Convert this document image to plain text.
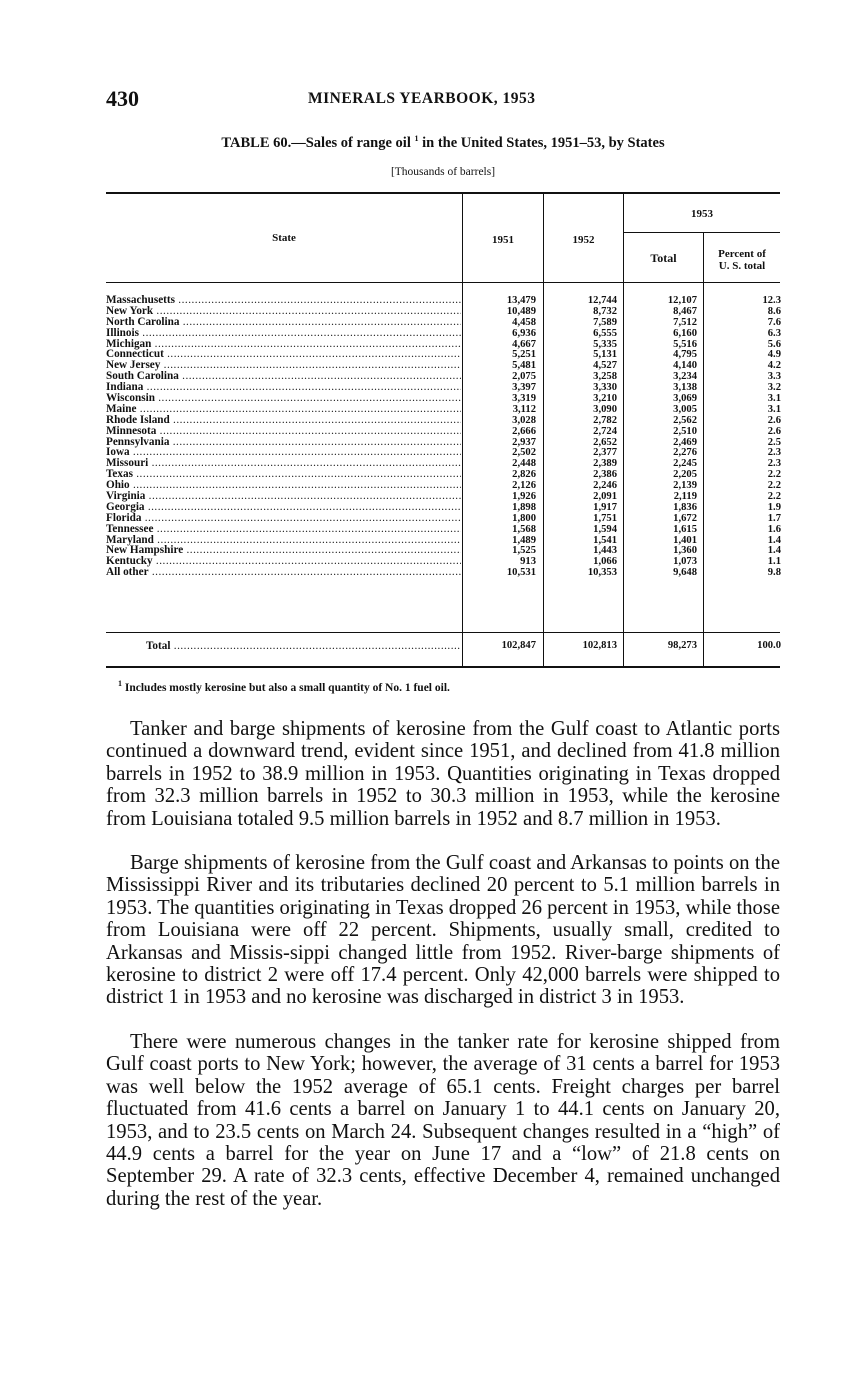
430	MINERALS YEARBOOK, 1953
TABLE 60.—Sales of range oil $^1$ in the United States, 1951–53, by States
[Thousands of barrels]
State	1951	1952
1953
Total	Percent of
U. S. total
Massachusetts .....	13,479	12,744	12,107	12.3
New York .....	10,489	8,732	8,467	8.6
North Carolina .....	4,458	7,589	7,512	7.6
Illinois .....	6,936	6,555	6,160	6.3
Michigan .....	4,667	5,335	5,516	5.6
Connecticut .....	5,251	5,131	4,795	4.9
New Jersey .....	5,481	4,527	4,140	4.2
South Carolina .....	2,075	3,258	3,234	3.3
Indiana .....	3,397	3,330	3,138	3.2
Wisconsin .....	3,319	3,210	3,069	3.1
Maine .....	3,112	3,090	3,005	3.1
Rhode Island .....	3,028	2,782	2,562	2.6
Minnesota .....	2,666	2,724	2,510	2.6
Pennsylvania .....	2,937	2,652	2,469	2.5
Iowa .....	2,502	2,377	2,276	2.3
Missouri .....	2,448	2,389	2,245	2.3
Texas .....	2,826	2,386	2,205	2.2
Ohio .....	2,126	2,246	2,139	2.2
Virginia .....	1,926	2,091	2,119	2.2
Georgia .....	1,898	1,917	1,836	1.9
Florida .....	1,800	1,751	1,672	1.7
Tennessee .....	1,568	1,594	1,615	1.6
Maryland .....	1,489	1,541	1,401	1.4
New Hampshire .....	1,525	1,443	1,360	1.4
Kentucky .....	913	1,066	1,073	1.1
All other .....	10,531	10,353	9,648	9.8
Total .....	102,847	102,813	98,273	100.0
$^1$ Includes mostly kerosine but also a small quantity of No. 1 fuel oil.

Tanker and barge shipments of kerosine from the Gulf coast to Atlantic ports continued a downward trend, evident since 1951, and declined from 41.8 million barrels in 1952 to 38.9 million in 1953. Quantities originating in Texas dropped from 32.3 million barrels in 1952 to 30.3 million in 1953, while the kerosine from Louisiana totaled 9.5 million barrels in 1952 and 8.7 million in 1953.

Barge shipments of kerosine from the Gulf coast and Arkansas to points on the Mississippi River and its tributaries declined 20 percent to 5.1 million barrels in 1953. The quantities originating in Texas dropped 26 percent in 1953, while those from Louisiana were off 22 percent. Shipments, usually small, credited to Arkansas and Missis-sippi changed little from 1952. River-barge shipments of kerosine to district 2 were off 17.4 percent. Only 42,000 barrels were shipped to district 1 in 1953 and no kerosine was discharged in district 3 in 1953.

There were numerous changes in the tanker rate for kerosine shipped from Gulf coast ports to New York; however, the average of 31 cents a barrel for 1953 was well below the 1952 average of 65.1 cents. Freight charges per barrel fluctuated from 41.6 cents a barrel on January 1 to 44.1 cents on January 20, 1953, and to 23.5 cents on March 24. Subsequent changes resulted in a “high” of 44.9 cents a barrel for the year on June 17 and a “low” of 21.8 cents on September 29. A rate of 32.3 cents, effective December 4, remained unchanged during the rest of the year.
